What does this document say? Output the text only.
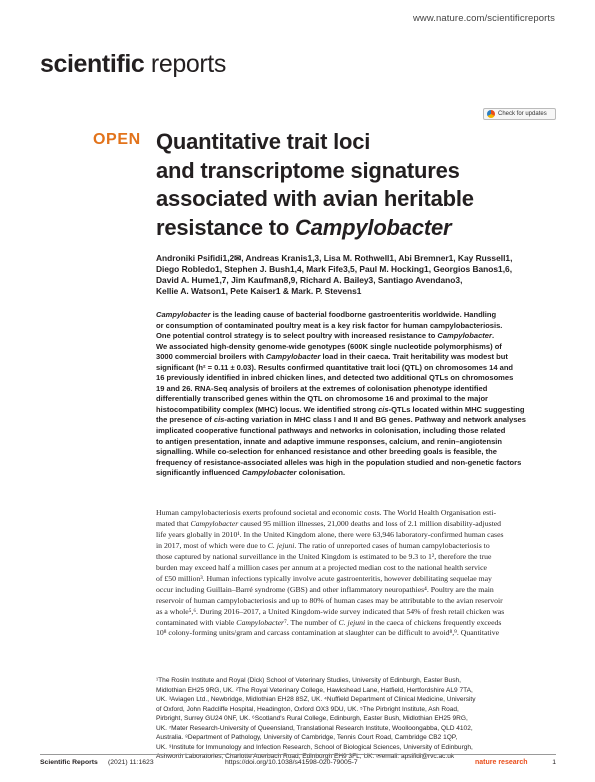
www.nature.com/scientificreports
scientific reports
Check for updates
OPEN Quantitative trait loci
and transcriptome signatures
associated with avian heritable
resistance to Campylobacter
Androniki Psifidi1,2✉, Andreas Kranis1,3, Lisa M. Rothwell1, Abi Bremner1, Kay Russell1,
Diego Robledo1, Stephen J. Bush1,4, Mark Fife3,5, Paul M. Hocking1, Georgios Banos1,6,
David A. Hume1,7, Jim Kaufman8,9, Richard A. Bailey3, Santiago Avendano3,
Kellie A. Watson1, Pete Kaiser1 & Mark. P. Stevens1
Campylobacter is the leading cause of bacterial foodborne gastroenteritis worldwide. Handling
or consumption of contaminated poultry meat is a key risk factor for human campylobacteriosis.
One potential control strategy is to select poultry with increased resistance to Campylobacter.
We associated high-density genome-wide genotypes (600K single nucleotide polymorphisms) of
3000 commercial broilers with Campylobacter load in their caeca. Trait heritability was modest but
significant (h² = 0.11 ± 0.03). Results confirmed quantitative trait loci (QTL) on chromosomes 14 and
16 previously identified in inbred chicken lines, and detected two additional QTLs on chromosomes
19 and 26. RNA-Seq analysis of broilers at the extremes of colonisation phenotype identified
differentially transcribed genes within the QTL on chromosome 16 and proximal to the major
histocompatibility complex (MHC) locus. We identified strong cis-QTLs located within MHC suggesting
the presence of cis-acting variation in MHC class I and II and BG genes. Pathway and network analyses
implicated cooperative functional pathways and networks in colonisation, including those related
to antigen presentation, innate and adaptive immune responses, calcium, and renin–angiotensin
signalling. While co-selection for enhanced resistance and other breeding goals is feasible, the
frequency of resistance-associated alleles was high in the population studied and non-genetic factors
significantly influenced Campylobacter colonisation.
Human campylobacteriosis exerts profound societal and economic costs. The World Health Organisation esti-
mated that Campylobacter caused 95 million illnesses, 21,000 deaths and loss of 2.1 million disability-adjusted
life years globally in 2010¹. In the United Kingdom alone, there were 63,946 laboratory-confirmed human cases
in 2017, most of which were due to C. jejuni. The ratio of unreported cases of human campylobacteriosis to
those captured by national surveillance in the United Kingdom is estimated to be 9.3 to 1², therefore the true
burden may exceed half a million cases per annum at a projected median cost to the national health service
of £50 million³. Human infections typically involve acute gastroenteritis, however debilitating sequelae may
occur including Guillain–Barré syndrome (GBS) and other inflammatory neuropathies⁴. Poultry are the main
reservoir of human campylobacteriosis and up to 80% of human cases may be attributable to the avian reservoir
as a whole⁵,⁶. During 2016–2017, a United Kingdom-wide survey indicated that 54% of fresh retail chicken was
contaminated with viable Campylobacter⁷. The number of C. jejuni in the caeca of chickens frequently exceeds
10⁸ colony-forming units/gram and carcass contamination at slaughter can be difficult to avoid⁸,⁹. Quantitative
¹The Roslin Institute and Royal (Dick) School of Veterinary Studies, University of Edinburgh, Easter Bush,
Midlothian EH25 9RG, UK. ²The Royal Veterinary College, Hawkshead Lane, Hatfield, Hertfordshire AL9 7TA,
UK. ³Aviagen Ltd., Newbridge, Midlothian EH28 8SZ, UK. ⁴Nuffield Department of Clinical Medicine, University
of Oxford, John Radcliffe Hospital, Headington, Oxford OX3 9DU, UK. ⁵The Pirbright Institute, Ash Road,
Pirbright, Surrey GU24 0NF, UK. ⁶Scotland's Rural College, Edinburgh, Easter Bush, Midlothian EH25 9RG,
UK. ⁷Mater Research-University of Queensland, Translational Research Institute, Woolloongabba, QLD 4102,
Australia. ⁸Department of Pathology, University of Cambridge, Tennis Court Road, Cambridge CB2 1QP,
UK. ⁹Institute for Immunology and Infection Research, School of Biological Sciences, University of Edinburgh,
Ashworth Laboratories, Charlotte Auerbach Road, Edinburgh EH9 3FL, UK. ✉email: apsifidi@rvc.ac.uk
Scientific Reports (2021) 11:1623	https://doi.org/10.1038/s41598-020-79005-7	nature research	1
